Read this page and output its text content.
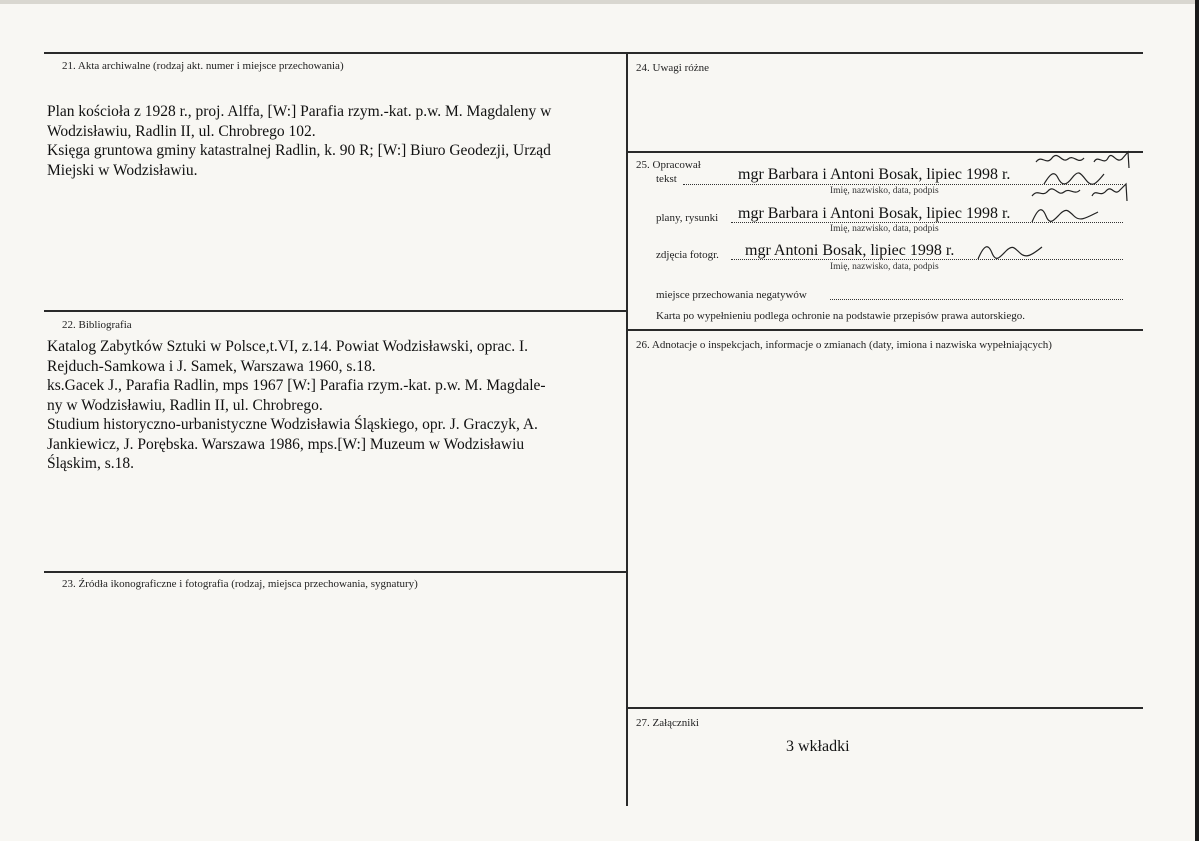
21. Akta archiwalne (rodzaj akt. numer i miejsce przechowania)
Plan kościoła z 1928 r., proj. Alffa, [W:] Parafia rzym.-kat. p.w. M. Magdaleny w
Wodzisławiu, Radlin II, ul. Chrobrego 102.
Księga gruntowa gminy katastralnej Radlin, k. 90 R; [W:] Biuro Geodezji, Urząd
Miejski w Wodzisławiu.
22. Bibliografia
Katalog Zabytków Sztuki w Polsce,t.VI, z.14. Powiat Wodzisławski, oprac. I.
Rejduch-Samkowa i J. Samek, Warszawa 1960, s.18.
ks.Gacek J., Parafia Radlin, mps 1967 [W:] Parafia rzym.-kat. p.w. M. Magdale-
ny w Wodzisławiu, Radlin II, ul. Chrobrego.
Studium historyczno-urbanistyczne Wodzisławia Śląskiego, opr. J. Graczyk, A.
Jankiewicz, J. Porębska. Warszawa 1986, mps.[W:] Muzeum w Wodzisławiu
Śląskim, s.18.
23. Źródła ikonograficzne i fotografia (rodzaj, miejsca przechowania, sygnatury)
24. Uwagi różne
25. Opracował
tekst	mgr Barbara i Antoni Bosak, lipiec 1998 r.
Imię, nazwisko, data, podpis
plany, rysunki mgr Barbara i Antoni Bosak, lipiec 1998 r.
Imię, nazwisko, data, podpis
zdjęcia fotogr. mgr Antoni Bosak, lipiec 1998 r.
Imię, nazwisko, data, podpis
miejsce przechowania negatywów
Karta po wypełnieniu podlega ochronie na podstawie przepisów prawa autorskiego.
26. Adnotacje o inspekcjach, informacje o zmianach (daty, imiona i nazwiska wypełniających)
27. Załączniki
3 wkładki
